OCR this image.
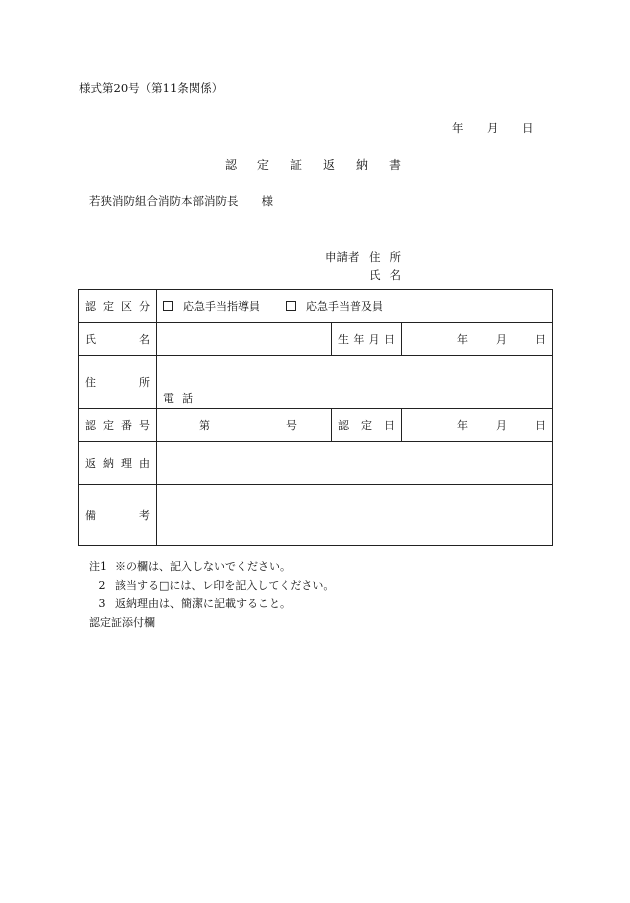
様式第20号（第11条関係）
年 月 日
認 定 証 返 納 書
若狭消防組合消防本部消防長　　様
申請者 住所
氏名
認定区分	応急手当指導員 応急手当普及員		

氏名		生年月日	年 月 日

住所	電話		

認定番号	第 号	認定日	年 月 日

返納理由			

備考			

注1 ※の欄は、記入しないでください。
2 該当する□には、レ印を記入してください。
3 返納理由は、簡潔に記載すること。
認定証添付欄
